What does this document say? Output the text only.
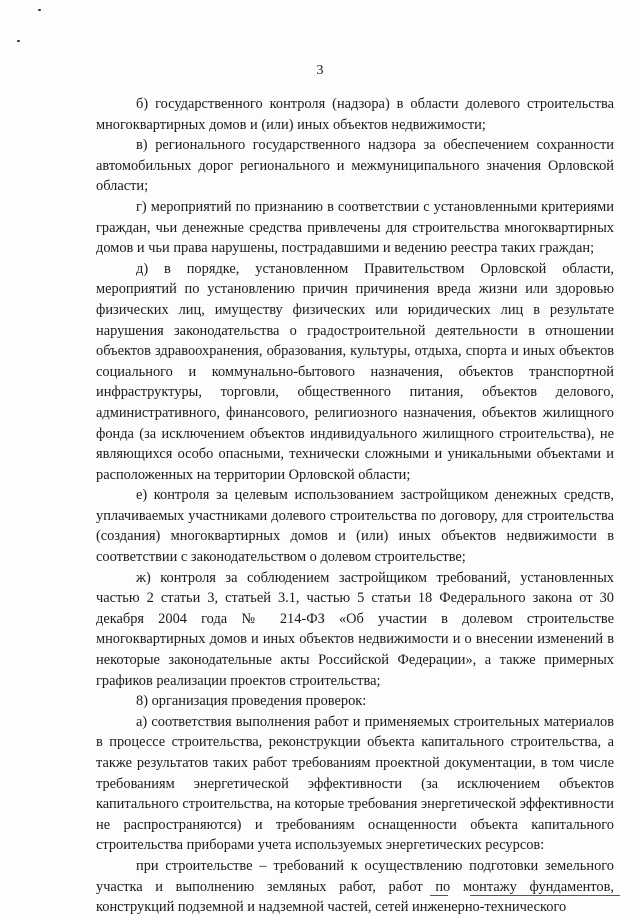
3

б) государственного контроля (надзора) в области долевого строительства многоквартирных домов и (или) иных объектов недвижимости;

в) регионального государственного надзора за обеспечением сохранности автомобильных дорог регионального и межмуниципального значения Орловской области;

г) мероприятий по признанию в соответствии с установленными критериями граждан, чьи денежные средства привлечены для строительства многоквартирных домов и чьи права нарушены, пострадавшими и ведению реестра таких граждан;

д) в порядке, установленном Правительством Орловской области, мероприятий по установлению причин причинения вреда жизни или здоровью физических лиц, имуществу физических или юридических лиц в результате нарушения законодательства о градостроительной деятельности в отношении объектов здравоохранения, образования, культуры, отдыха, спорта и иных объектов социального и коммунально-бытового назначения, объектов транспортной инфраструктуры, торговли, общественного питания, объектов делового, административного, финансового, религиозного назначения, объектов жилищного фонда (за исключением объектов индивидуального жилищного строительства), не являющихся особо опасными, технически сложными и уникальными объектами и расположенных на территории Орловской области;

е) контроля за целевым использованием застройщиком денежных средств, уплачиваемых участниками долевого строительства по договору, для строительства (создания) многоквартирных домов и (или) иных объектов недвижимости в соответствии с законодательством о долевом строительстве;

ж) контроля за соблюдением застройщиком требований, установленных частью 2 статьи 3, статьей 3.1, частью 5 статьи 18 Федерального закона от 30 декабря 2004 года № 214-ФЗ «Об участии в долевом строительстве многоквартирных домов и иных объектов недвижимости и о внесении изменений в некоторые законодательные акты Российской Федерации», а также примерных графиков реализации проектов строительства;

8) организация проведения проверок:

а) соответствия выполнения работ и применяемых строительных материалов в процессе строительства, реконструкции объекта капитального строительства, а также результатов таких работ требованиям проектной документации, в том числе требованиям энергетической эффективности (за исключением объектов капитального строительства, на которые требования энергетической эффективности не распространяются) и требованиям оснащенности объекта капитального строительства приборами учета используемых энергетических ресурсов:

при строительстве – требований к осуществлению подготовки земельного участка и выполнению земляных работ, работ по монтажу фундаментов, конструкций подземной и надземной частей, сетей инженерно-технического
